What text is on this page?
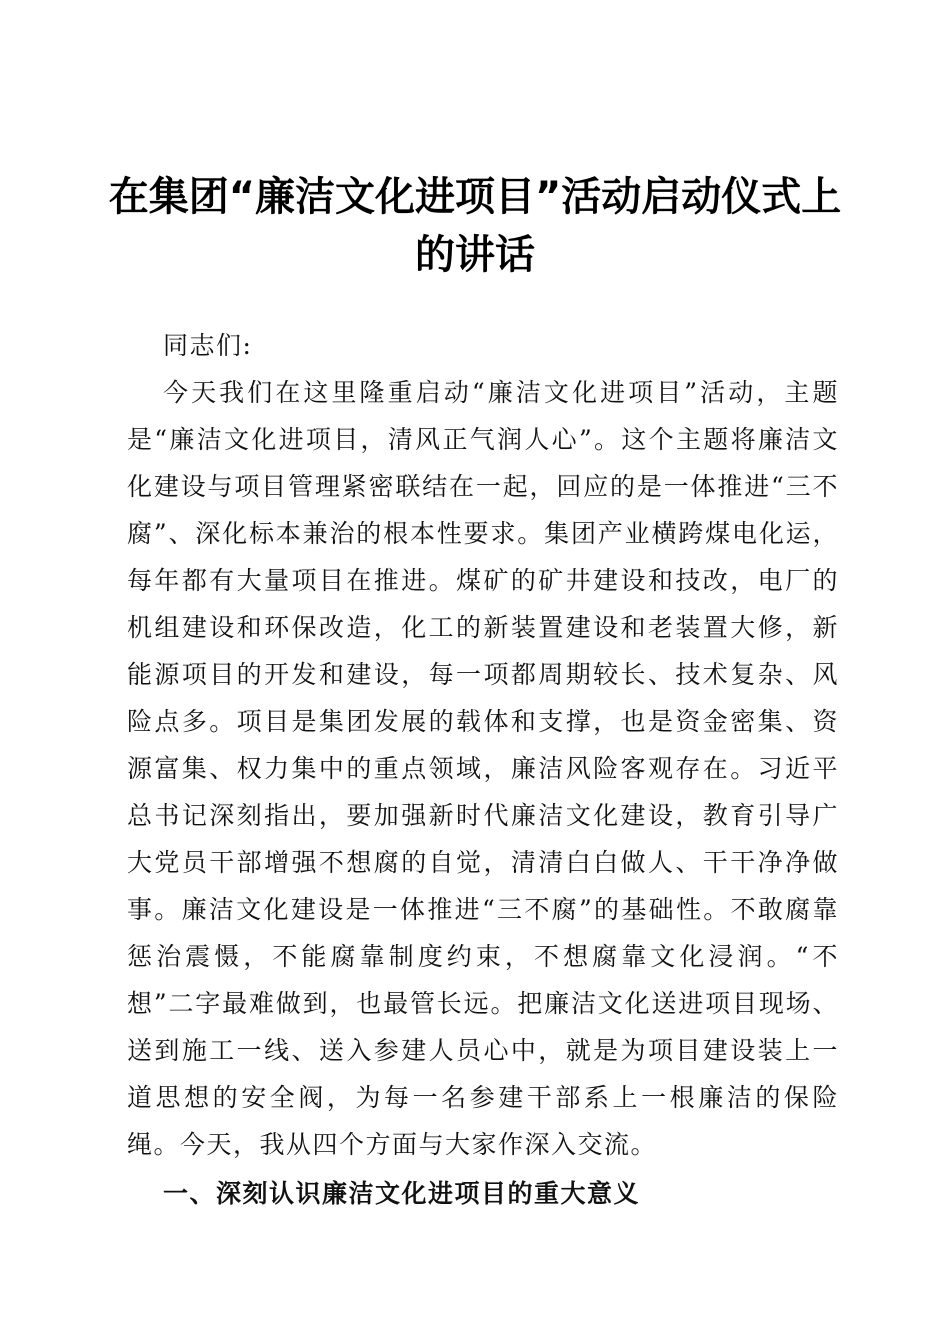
在集团“廉洁文化进项目”活动启动仪式上的讲话

同志们:

今天我们在这里隆重启动“廉洁文化进项目”活动，主题是“廉洁文化进项目，清风正气润人心”。这个主题将廉洁文化建设与项目管理紧密联结在一起，回应的是一体推进“三不腐”、深化标本兼治的根本性要求。集团产业横跨煤电化运，每年都有大量项目在推进。煤矿的矿井建设和技改，电厂的机组建设和环保改造，化工的新装置建设和老装置大修，新能源项目的开发和建设，每一项都周期较长、技术复杂、风险点多。项目是集团发展的载体和支撑，也是资金密集、资源富集、权力集中的重点领域，廉洁风险客观存在。习近平总书记深刻指出，要加强新时代廉洁文化建设，教育引导广大党员干部增强不想腐的自觉，清清白白做人、干干净净做事。廉洁文化建设是一体推进“三不腐”的基础性。不敢腐靠惩治震慑，不能腐靠制度约束，不想腐靠文化浸润。“不想”二字最难做到，也最管长远。把廉洁文化送进项目现场、送到施工一线、送入参建人员心中，就是为项目建设装上一道思想的安全阀，为每一名参建干部系上一根廉洁的保险绳。今天，我从四个方面与大家作深入交流。

一、深刻认识廉洁文化进项目的重大意义
